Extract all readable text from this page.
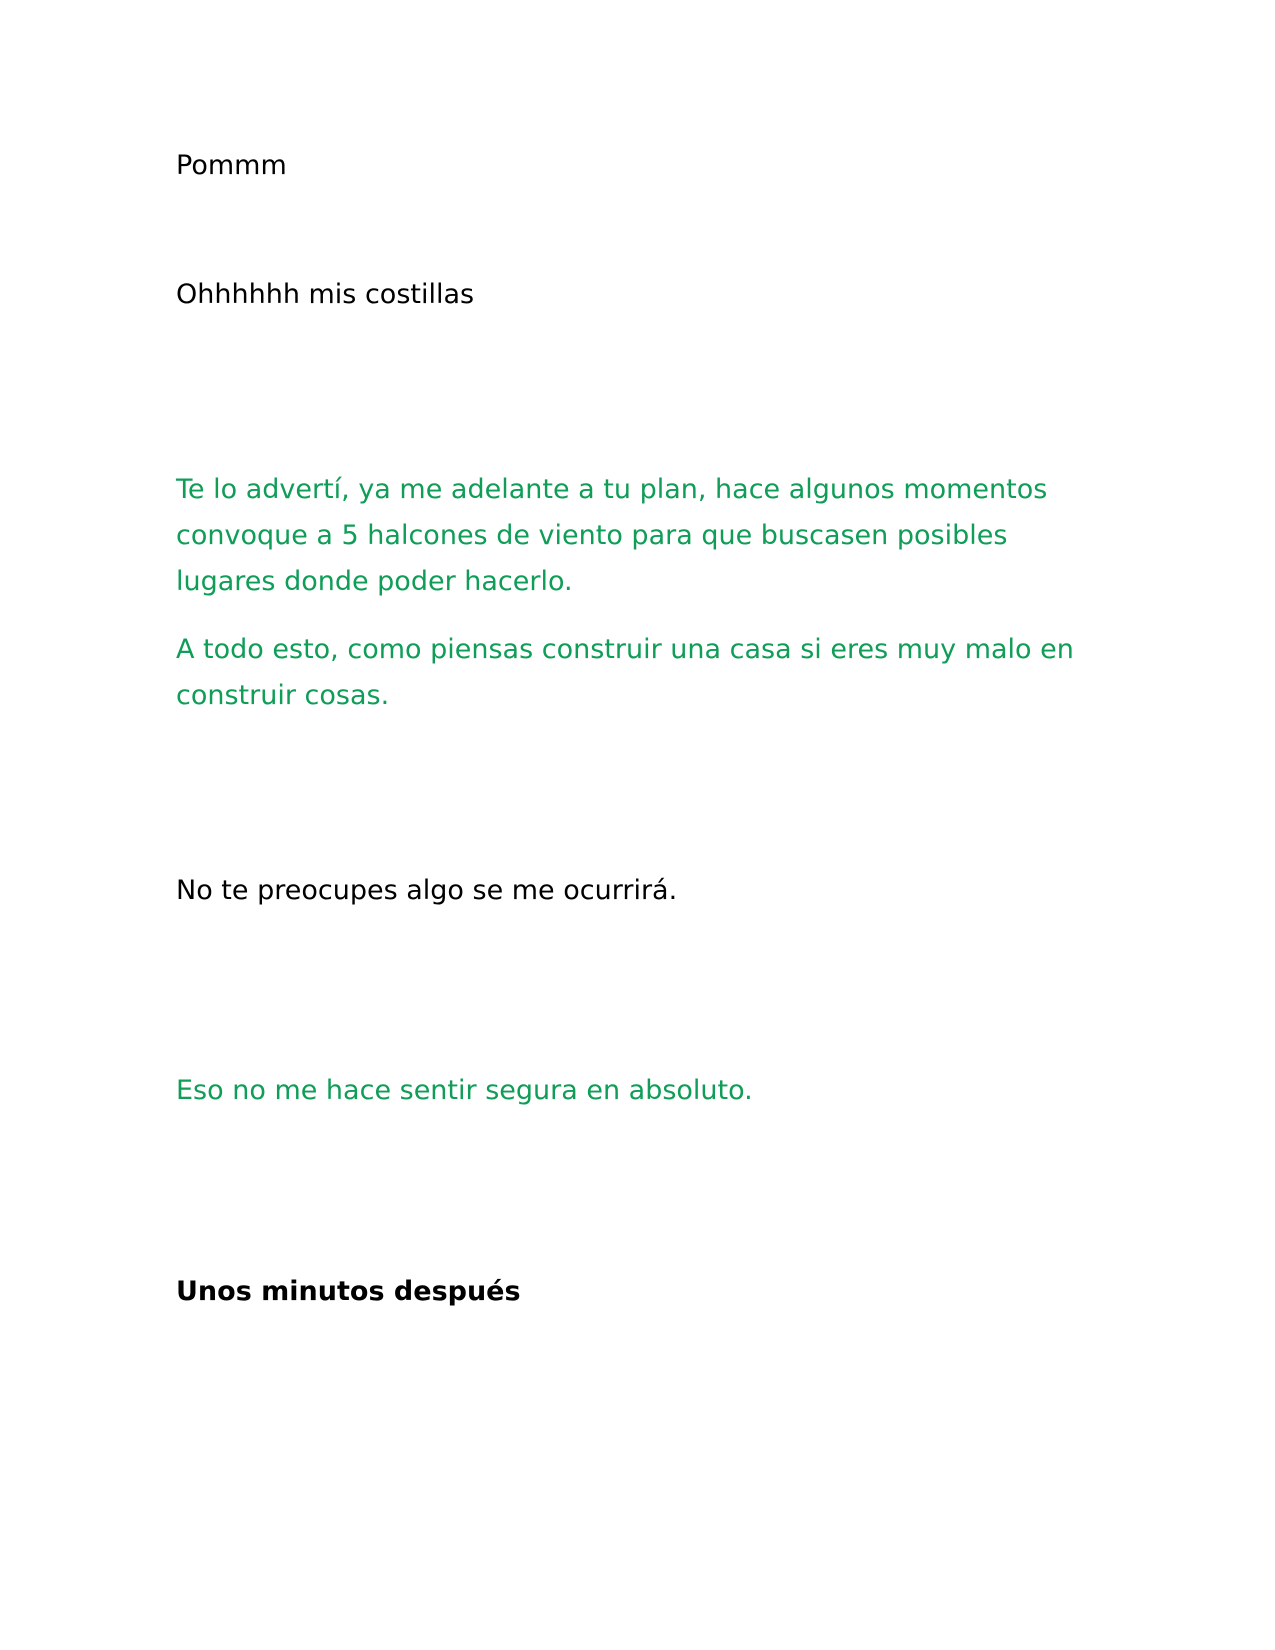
Pommm

Ohhhhhh mis costillas

Te lo advertí, ya me adelante a tu plan, hace algunos momentos

convoque a 5 halcones de viento para que buscasen posibles

lugares donde poder hacerlo.

A todo esto, como piensas construir una casa si eres muy malo en

construir cosas.

No te preocupes algo se me ocurrirá.

Eso no me hace sentir segura en absoluto.

Unos minutos después
